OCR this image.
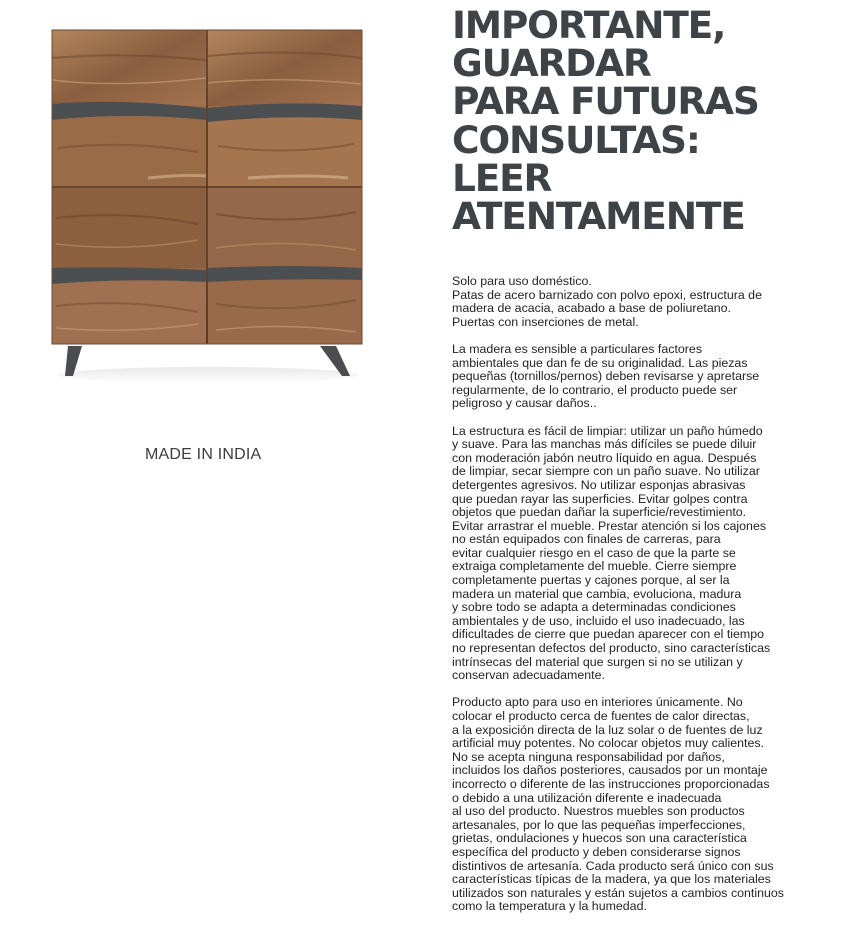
MADE IN INDIA
IMPORTANTE,
GUARDAR
PARA FUTURAS
CONSULTAS:
LEER
ATENTAMENTE
Solo para uso doméstico.
Patas de acero barnizado con polvo epoxi, estructura de
madera de acacia, acabado a base de poliuretano.
Puertas con inserciones de metal.
La madera es sensible a particulares factores
ambientales que dan fe de su originalidad. Las piezas
pequeñas (tornillos/pernos) deben revisarse y apretarse
regularmente, de lo contrario, el producto puede ser
peligroso y causar daños..
La estructura es fácil de limpiar: utilizar un paño húmedo
y suave. Para las manchas más difíciles se puede diluir
con moderación jabón neutro líquido en agua. Después
de limpiar, secar siempre con un paño suave. No utilizar
detergentes agresivos. No utilizar esponjas abrasivas
que puedan rayar las superficies. Evitar golpes contra
objetos que puedan dañar la superficie/revestimiento.
Evitar arrastrar el mueble. Prestar atención si los cajones
no están equipados con finales de carreras, para
evitar cualquier riesgo en el caso de que la parte se
extraiga completamente del mueble. Cierre siempre
completamente puertas y cajones porque, al ser la
madera un material que cambia, evoluciona, madura
y sobre todo se adapta a determinadas condiciones
ambientales y de uso, incluido el uso inadecuado, las
dificultades de cierre que puedan aparecer con el tiempo
no representan defectos del producto, sino características
intrínsecas del material que surgen si no se utilizan y
conservan adecuadamente.
Producto apto para uso en interiores únicamente. No
colocar el producto cerca de fuentes de calor directas,
a la exposición directa de la luz solar o de fuentes de luz
artificial muy potentes. No colocar objetos muy calientes.
No se acepta ninguna responsabilidad por daños,
incluidos los daños posteriores, causados por un montaje
incorrecto o diferente de las instrucciones proporcionadas
o debido a una utilización diferente e inadecuada
al uso del producto. Nuestros muebles son productos
artesanales, por lo que las pequeñas imperfecciones,
grietas, ondulaciones y huecos son una característica
específica del producto y deben considerarse signos
distintivos de artesanía. Cada producto será único con sus
características típicas de la madera, ya que los materiales
utilizados son naturales y están sujetos a cambios continuos
como la temperatura y la humedad.
